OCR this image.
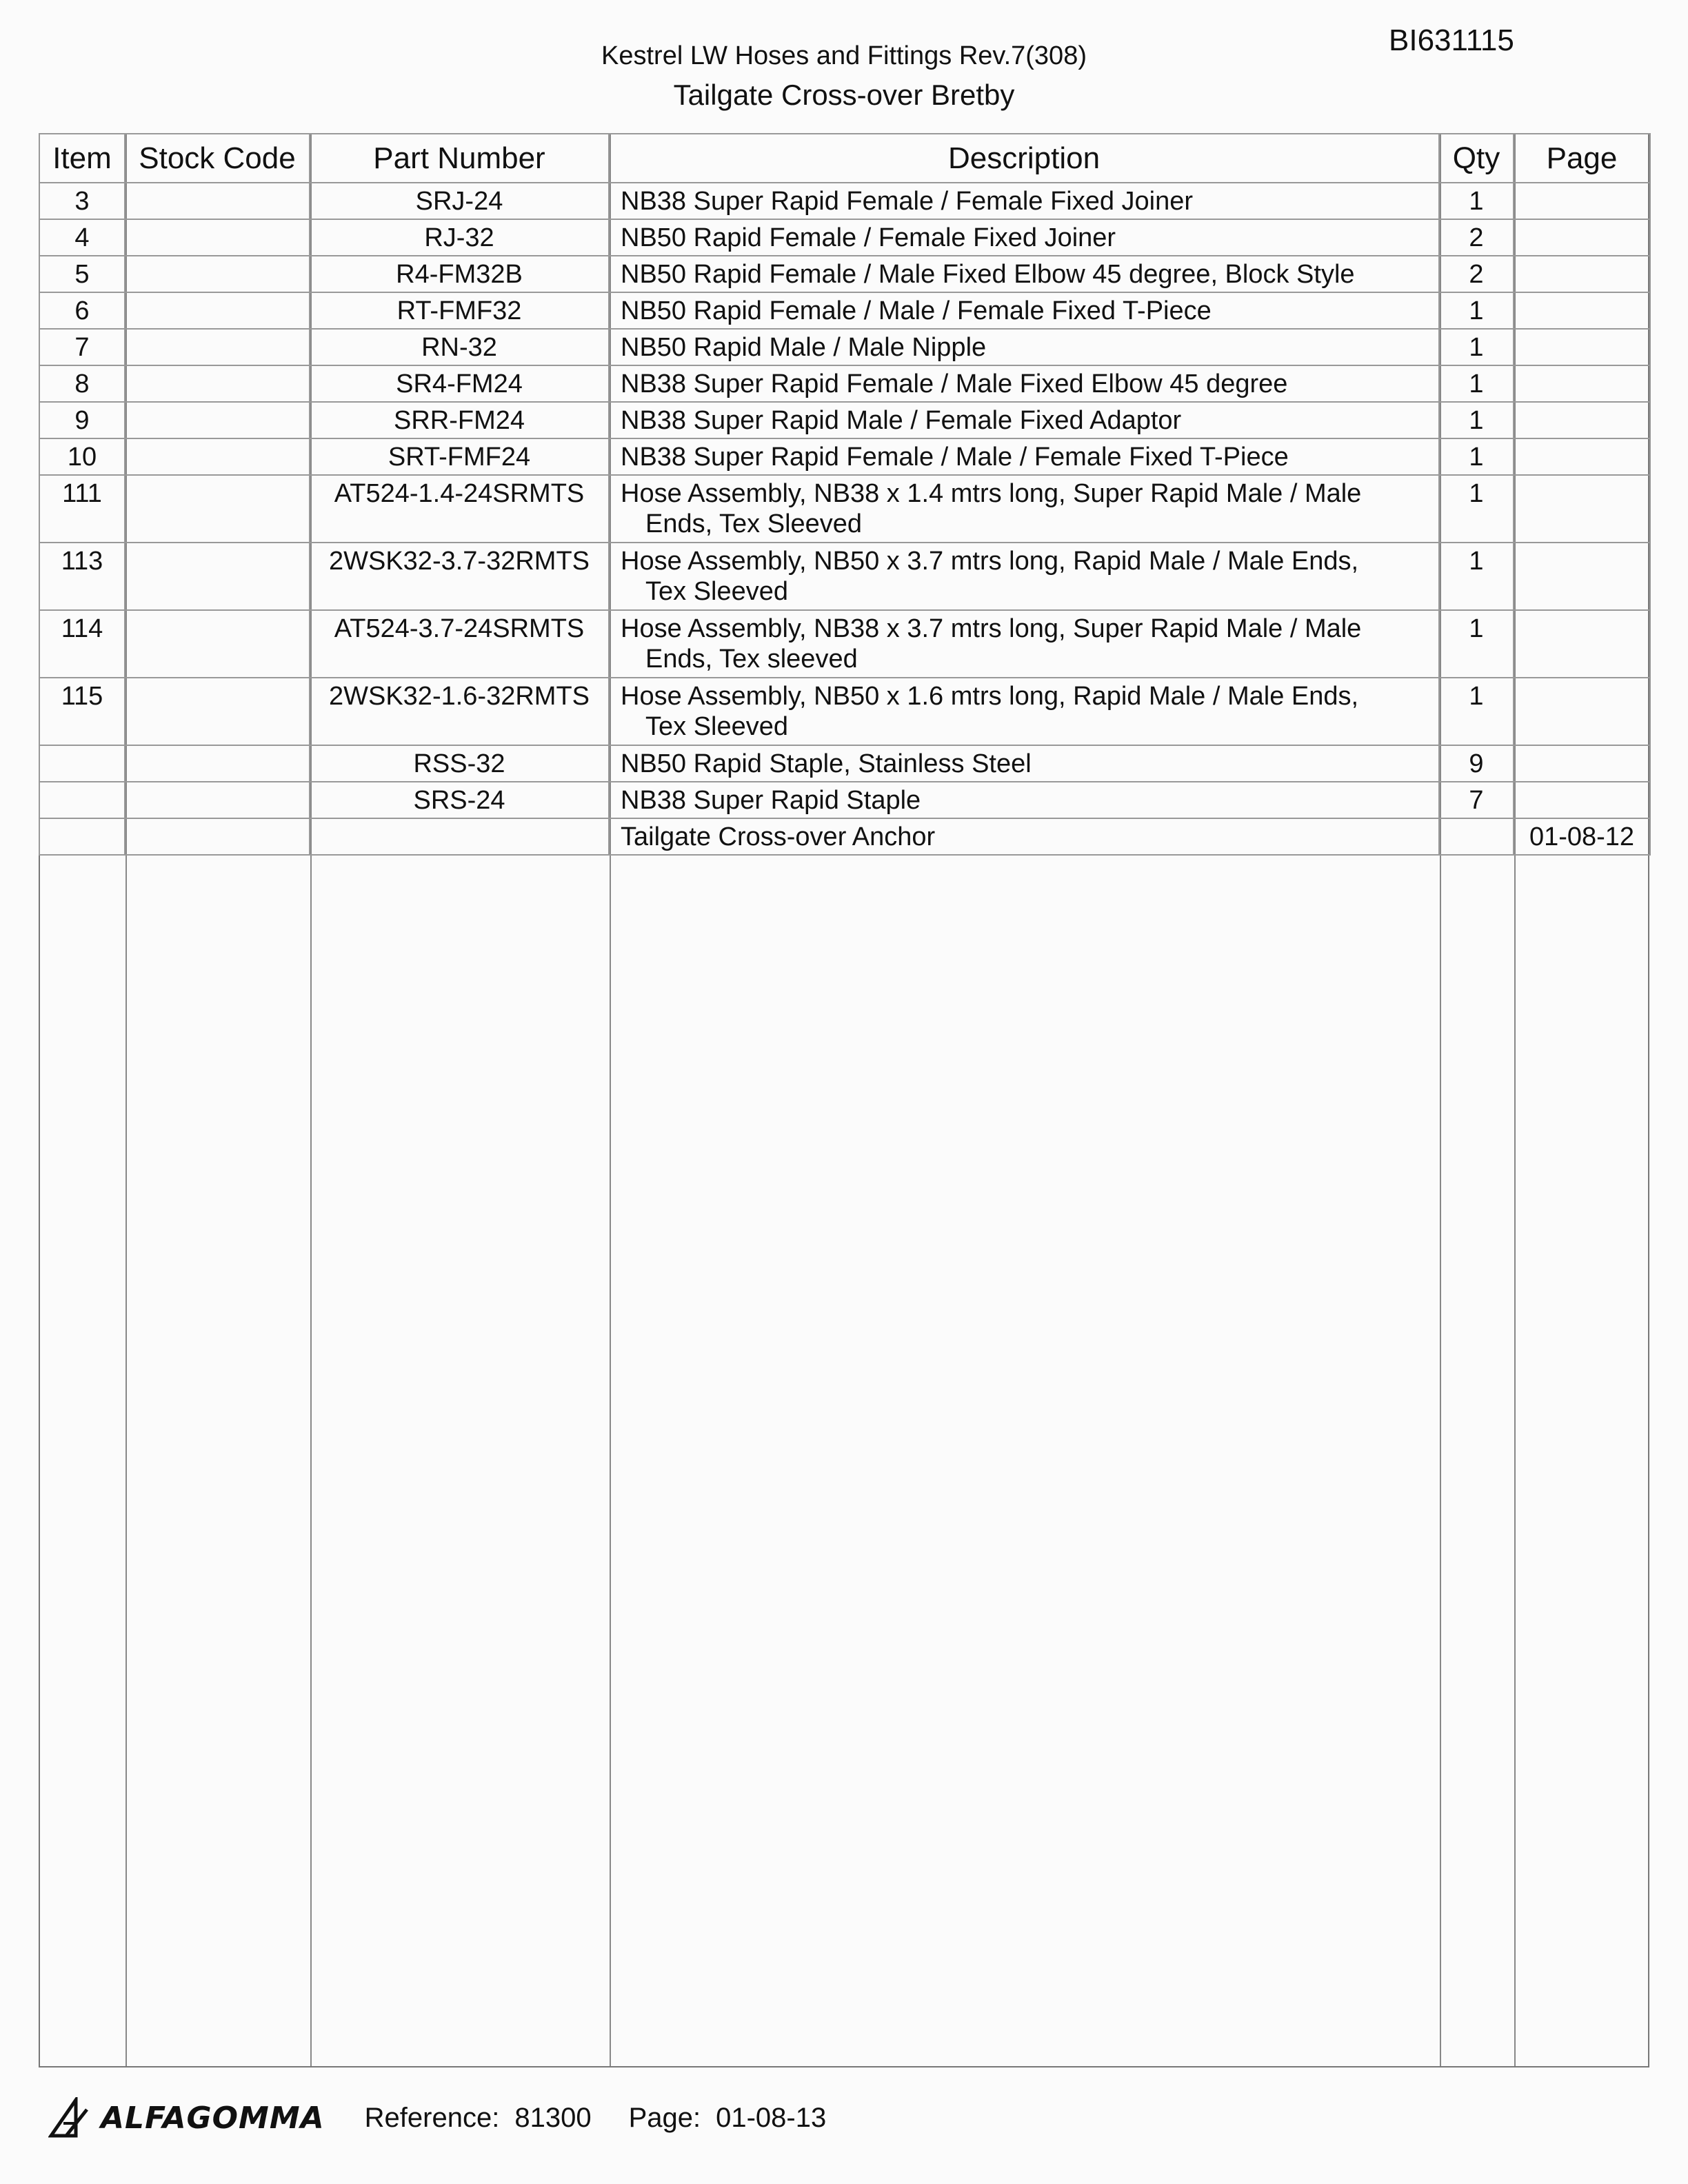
BI631115
Kestrel LW Hoses and Fittings Rev.7(308)
Tailgate Cross-over Bretby
Item	Stock Code	Part Number	Description	Qty	Page
3		SRJ-24	NB38 Super Rapid Female / Female Fixed Joiner	1	
4		RJ-32	NB50 Rapid Female / Female Fixed Joiner	2	
5		R4-FM32B	NB50 Rapid Female / Male Fixed Elbow 45 degree, Block Style	2	
6		RT-FMF32	NB50 Rapid Female / Male / Female Fixed T-Piece	1	
7		RN-32	NB50 Rapid Male / Male Nipple	1	
8		SR4-FM24	NB38 Super Rapid Female / Male Fixed Elbow 45 degree	1	
9		SRR-FM24	NB38 Super Rapid Male / Female Fixed Adaptor	1	
10		SRT-FMF24	NB38 Super Rapid Female / Male / Female Fixed T-Piece	1	
111		AT524-1.4-24SRMTS	Hose Assembly, NB38 x 1.4 mtrs long, Super Rapid Male / Male
Ends, Tex Sleeved	1	
113		2WSK32-3.7-32RMTS	Hose Assembly, NB50 x 3.7 mtrs long, Rapid Male / Male Ends,
Tex Sleeved	1	
114		AT524-3.7-24SRMTS	Hose Assembly, NB38 x 3.7 mtrs long, Super Rapid Male / Male
Ends, Tex sleeved	1	
115		2WSK32-1.6-32RMTS	Hose Assembly, NB50 x 1.6 mtrs long, Rapid Male / Male Ends,
Tex Sleeved	1	
		RSS-32	NB50 Rapid Staple, Stainless Steel	9	
		SRS-24	NB38 Super Rapid Staple	7	
			Tailgate Cross-over Anchor		01-08-12
ALFAGOMMA Reference: 81300 Page: 01-08-13
